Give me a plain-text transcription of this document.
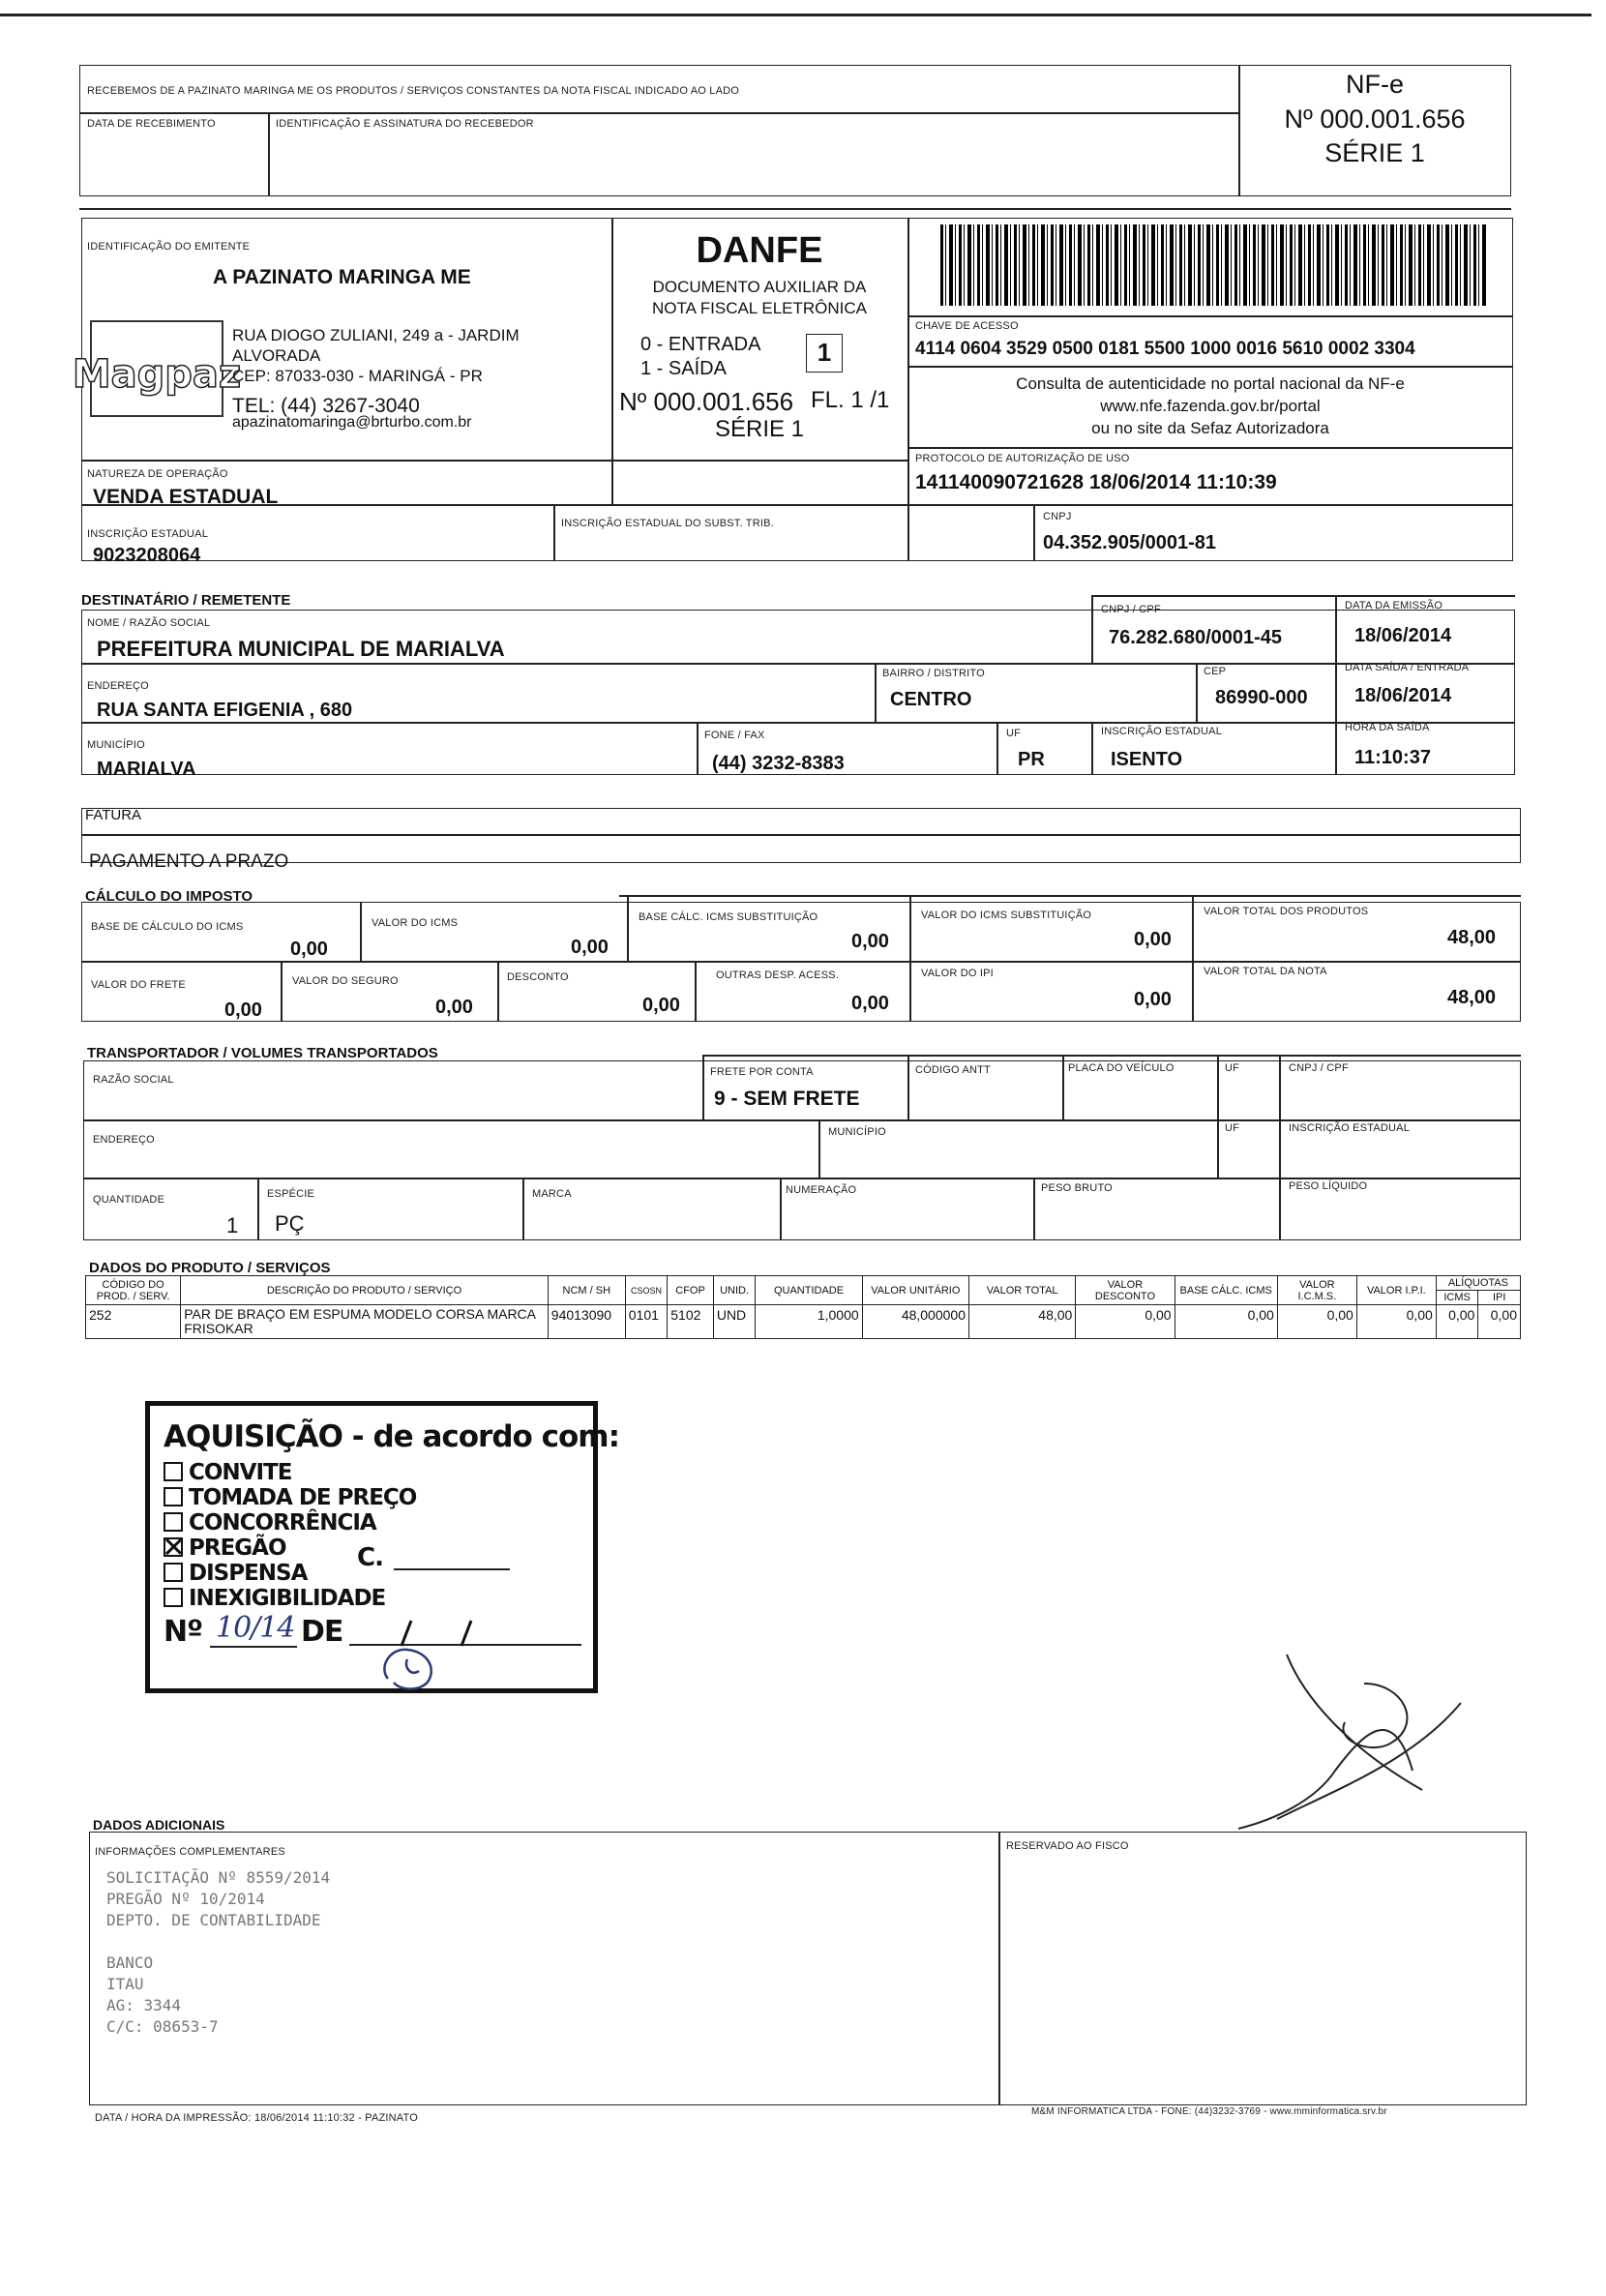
RECEBEMOS DE A PAZINATO MARINGA ME OS PRODUTOS / SERVIÇOS CONSTANTES DA NOTA FISCAL INDICADO AO LADO
DATA DE RECEBIMENTO	IDENTIFICAÇÃO E ASSINATURA DO RECEBEDOR
NF-e
Nº 000.001.656
SÉRIE 1
IDENTIFICAÇÃO DO EMITENTE
A PAZINATO MARINGA ME
Magpaz
RUA DIOGO ZULIANI, 249 a - JARDIM
ALVORADA
CEP: 87033-030 - MARINGÁ - PR
TEL: (44) 3267-3040
apazinatomaringa@brturbo.com.br
DANFE
DOCUMENTO AUXILIAR DA
NOTA FISCAL ELETRÔNICA
0 - ENTRADA
1 - SAÍDA
1
Nº 000.001.656 FL. 1 /1
SÉRIE 1
CHAVE DE ACESSO
4114 0604 3529 0500 0181 5500 1000 0016 5610 0002 3304
Consulta de autenticidade no portal nacional da NF-e
www.nfe.fazenda.gov.br/portal
ou no site da Sefaz Autorizadora
NATUREZA DE OPERAÇÃO
VENDA ESTADUAL
PROTOCOLO DE AUTORIZAÇÃO DE USO
141140090721628 18/06/2014 11:10:39
INSCRIÇÃO ESTADUAL
9023208064
INSCRIÇÃO ESTADUAL DO SUBST. TRIB.
CNPJ
04.352.905/0001-81
DESTINATÁRIO / REMETENTE
NOME / RAZÃO SOCIAL
PREFEITURA MUNICIPAL DE MARIALVA
CNPJ / CPF
76.282.680/0001-45
DATA DA EMISSÃO
18/06/2014
ENDEREÇO
RUA SANTA EFIGENIA , 680
BAIRRO / DISTRITO
CENTRO
CEP
86990-000
DATA SAÍDA / ENTRADA
18/06/2014
MUNICÍPIO
MARIALVA
FONE / FAX
(44) 3232-8383
UF
PR
INSCRIÇÃO ESTADUAL
ISENTO
HORA DA SAÍDA
11:10:37
FATURA
PAGAMENTO A PRAZO
CÁLCULO DO IMPOSTO
BASE DE CÁLCULO DO ICMS
0,00
VALOR DO ICMS
0,00
BASE CÁLC. ICMS SUBSTITUIÇÃO
0,00
VALOR DO ICMS SUBSTITUIÇÃO
0,00
VALOR TOTAL DOS PRODUTOS
48,00
VALOR DO FRETE
0,00
VALOR DO SEGURO
0,00
DESCONTO
0,00
OUTRAS DESP. ACESS.
0,00
VALOR DO IPI
0,00
VALOR TOTAL DA NOTA
48,00
TRANSPORTADOR / VOLUMES TRANSPORTADOS
RAZÃO SOCIAL
FRETE POR CONTA
9 - SEM FRETE
CÓDIGO ANTT	PLACA DO VEÍCULO	UF	CNPJ / CPF
ENDEREÇO
MUNICÍPIO	UF	INSCRIÇÃO ESTADUAL
QUANTIDADE
1
ESPÉCIE
PÇ
MARCA	NUMERAÇÃO	PESO BRUTO	PESO LÍQUIDO
DADOS DO PRODUTO / SERVIÇOS
CÓDIGO DO PROD. / SERV.	DESCRIÇÃO DO PRODUTO / SERVIÇO	NCM / SH	CSOSN	CFOP	UNID.	QUANTIDADE	VALOR UNITÁRIO	VALOR TOTAL	VALOR DESCONTO	BASE CÁLC. ICMS	VALOR I.C.M.S.	VALOR I.P.I.	ALÍQUOTAS	
													ICMS	IPI
252	PAR DE BRAÇO EM ESPUMA MODELO CORSA MARCA FRISOKAR	94013090	0101	5102	UND	1,0000	48,000000	48,00	0,00	0,00	0,00	0,00	0,00	0,00
AQUISIÇÃO - de acordo com:
CONVITE
TOMADA DE PREÇO
CONCORRÊNCIA
PREGÃO	C.
DISPENSA
INEXIGIBILIDADE
Nº 10/14 DE
DADOS ADICIONAIS
INFORMAÇÕES COMPLEMENTARES
SOLICITAÇÃO Nº 8559/2014
PREGÃO Nº 10/2014
DEPTO. DE CONTABILIDADE

BANCO
ITAU
AG: 3344
C/C: 08653-7
RESERVADO AO FISCO
DATA / HORA DA IMPRESSÃO: 18/06/2014 11:10:32 - PAZINATO
M&M INFORMATICA LTDA - FONE: (44)3232-3769 - www.mminformatica.srv.br
